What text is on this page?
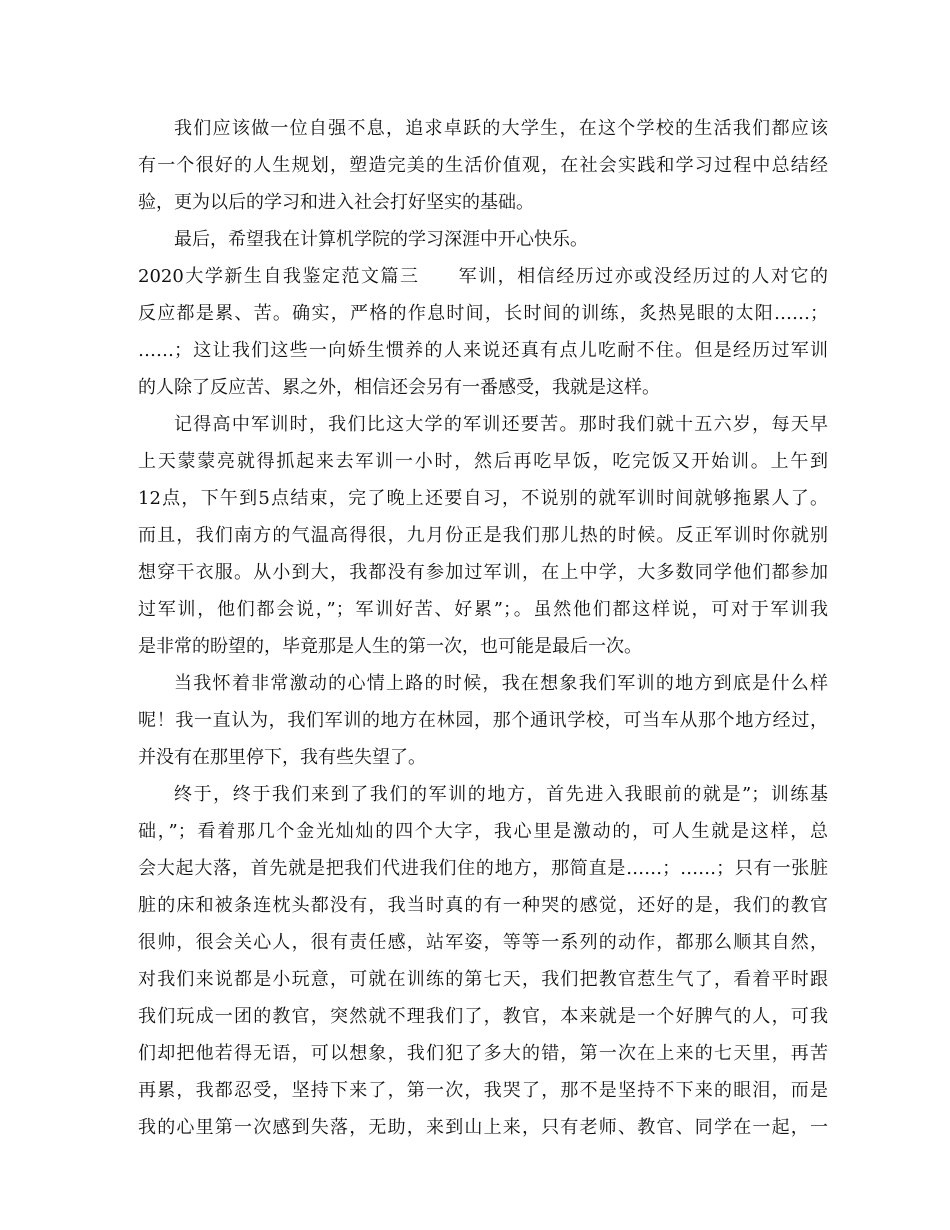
我们应该做一位自强不息，追求卓跃的大学生，在这个学校的生活我们都应该
有一个很好的人生规划，塑造完美的生活价值观，在社会实践和学习过程中总结经
验，更为以后的学习和进入社会打好坚实的基础。
最后，希望我在计算机学院的学习深涯中开心快乐。
2020大学新生自我鉴定范文篇三　　军训，相信经历过亦或没经历过的人对它的
反应都是累、苦。确实，严格的作息时间，长时间的训练，炙热晃眼的太阳……；
……；这让我们这些一向娇生惯养的人来说还真有点儿吃耐不住。但是经历过军训
的人除了反应苦、累之外，相信还会另有一番感受，我就是这样。
记得高中军训时，我们比这大学的军训还要苦。那时我们就十五六岁，每天早
上天蒙蒙亮就得抓起来去军训一小时，然后再吃早饭，吃完饭又开始训。上午到
12点，下午到5点结束，完了晚上还要自习，不说别的就军训时间就够拖累人了。
而且，我们南方的气温高得很，九月份正是我们那儿热的时候。反正军训时你就别
想穿干衣服。从小到大，我都没有参加过军训，在上中学，大多数同学他们都参加
过军训，他们都会说，”；军训好苦、好累”；。虽然他们都这样说，可对于军训我
是非常的盼望的，毕竟那是人生的第一次，也可能是最后一次。
当我怀着非常激动的心情上路的时候，我在想象我们军训的地方到底是什么样
呢！我一直认为，我们军训的地方在林园，那个通讯学校，可当车从那个地方经过，
并没有在那里停下，我有些失望了。
终于，终于我们来到了我们的军训的地方，首先进入我眼前的就是”；训练基
础，”；看着那几个金光灿灿的四个大字，我心里是激动的，可人生就是这样，总
会大起大落，首先就是把我们代进我们住的地方，那简直是……；……；只有一张脏
脏的床和被条连枕头都没有，我当时真的有一种哭的感觉，还好的是，我们的教官
很帅，很会关心人，很有责任感，站军姿，等等一系列的动作，都那么顺其自然，
对我们来说都是小玩意，可就在训练的第七天，我们把教官惹生气了，看着平时跟
我们玩成一团的教官，突然就不理我们了，教官，本来就是一个好脾气的人，可我
们却把他若得无语，可以想象，我们犯了多大的错，第一次在上来的七天里，再苦
再累，我都忍受，坚持下来了，第一次，我哭了，那不是坚持不下来的眼泪，而是
我的心里第一次感到失落，无助，来到山上来，只有老师、教官、同学在一起，一
